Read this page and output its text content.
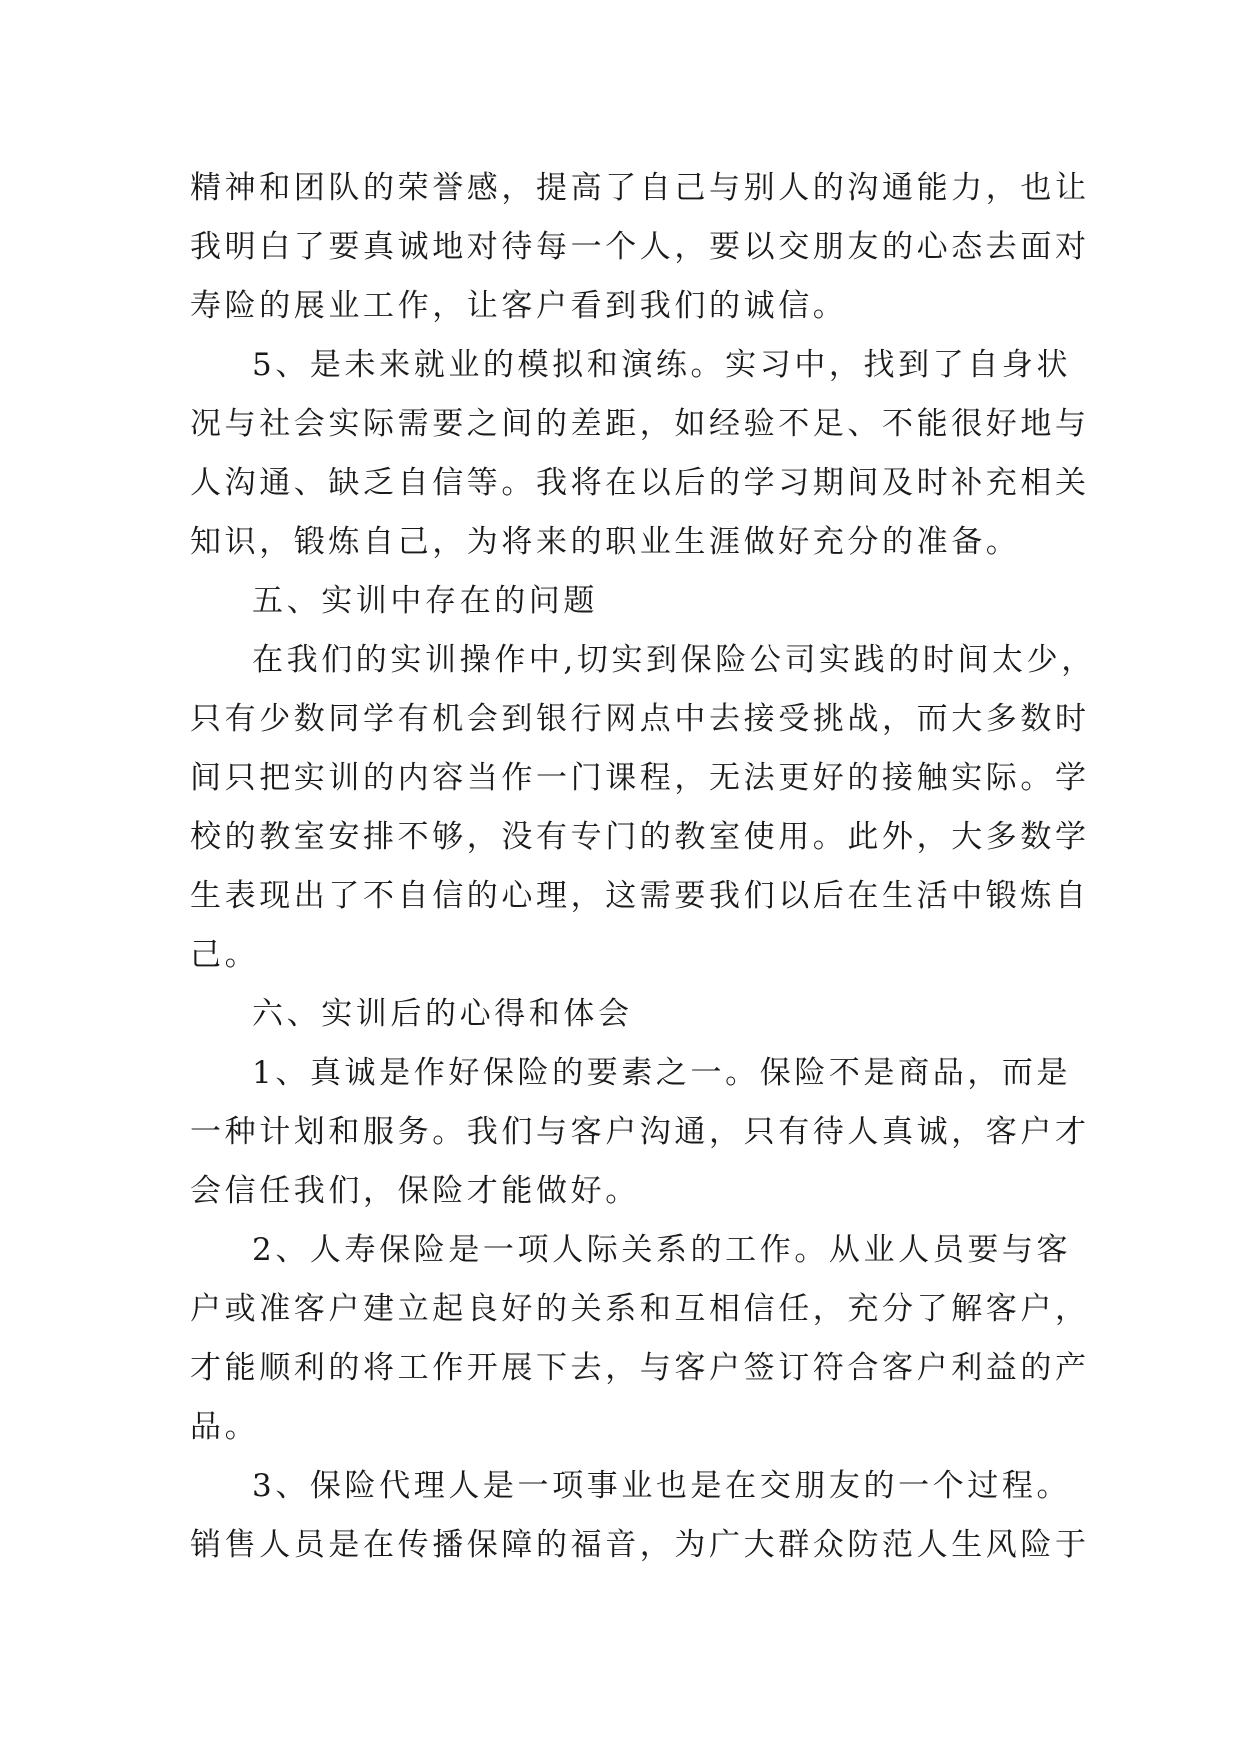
精神和团队的荣誉感，提高了自己与别人的沟通能力，也让
我明白了要真诚地对待每一个人，要以交朋友的心态去面对
寿险的展业工作，让客户看到我们的诚信。
5、是未来就业的模拟和演练。实习中，找到了自身状
况与社会实际需要之间的差距，如经验不足、不能很好地与
人沟通、缺乏自信等。我将在以后的学习期间及时补充相关
知识，锻炼自己，为将来的职业生涯做好充分的准备。
五、实训中存在的问题
在我们的实训操作中,切实到保险公司实践的时间太少，
只有少数同学有机会到银行网点中去接受挑战，而大多数时
间只把实训的内容当作一门课程，无法更好的接触实际。学
校的教室安排不够，没有专门的教室使用。此外，大多数学
生表现出了不自信的心理，这需要我们以后在生活中锻炼自
己。
六、实训后的心得和体会
1、真诚是作好保险的要素之一。保险不是商品，而是
一种计划和服务。我们与客户沟通，只有待人真诚，客户才
会信任我们，保险才能做好。
2、人寿保险是一项人际关系的工作。从业人员要与客
户或准客户建立起良好的关系和互相信任，充分了解客户，
才能顺利的将工作开展下去，与客户签订符合客户利益的产
品。
3、保险代理人是一项事业也是在交朋友的一个过程。
销售人员是在传播保障的福音，为广大群众防范人生风险于
